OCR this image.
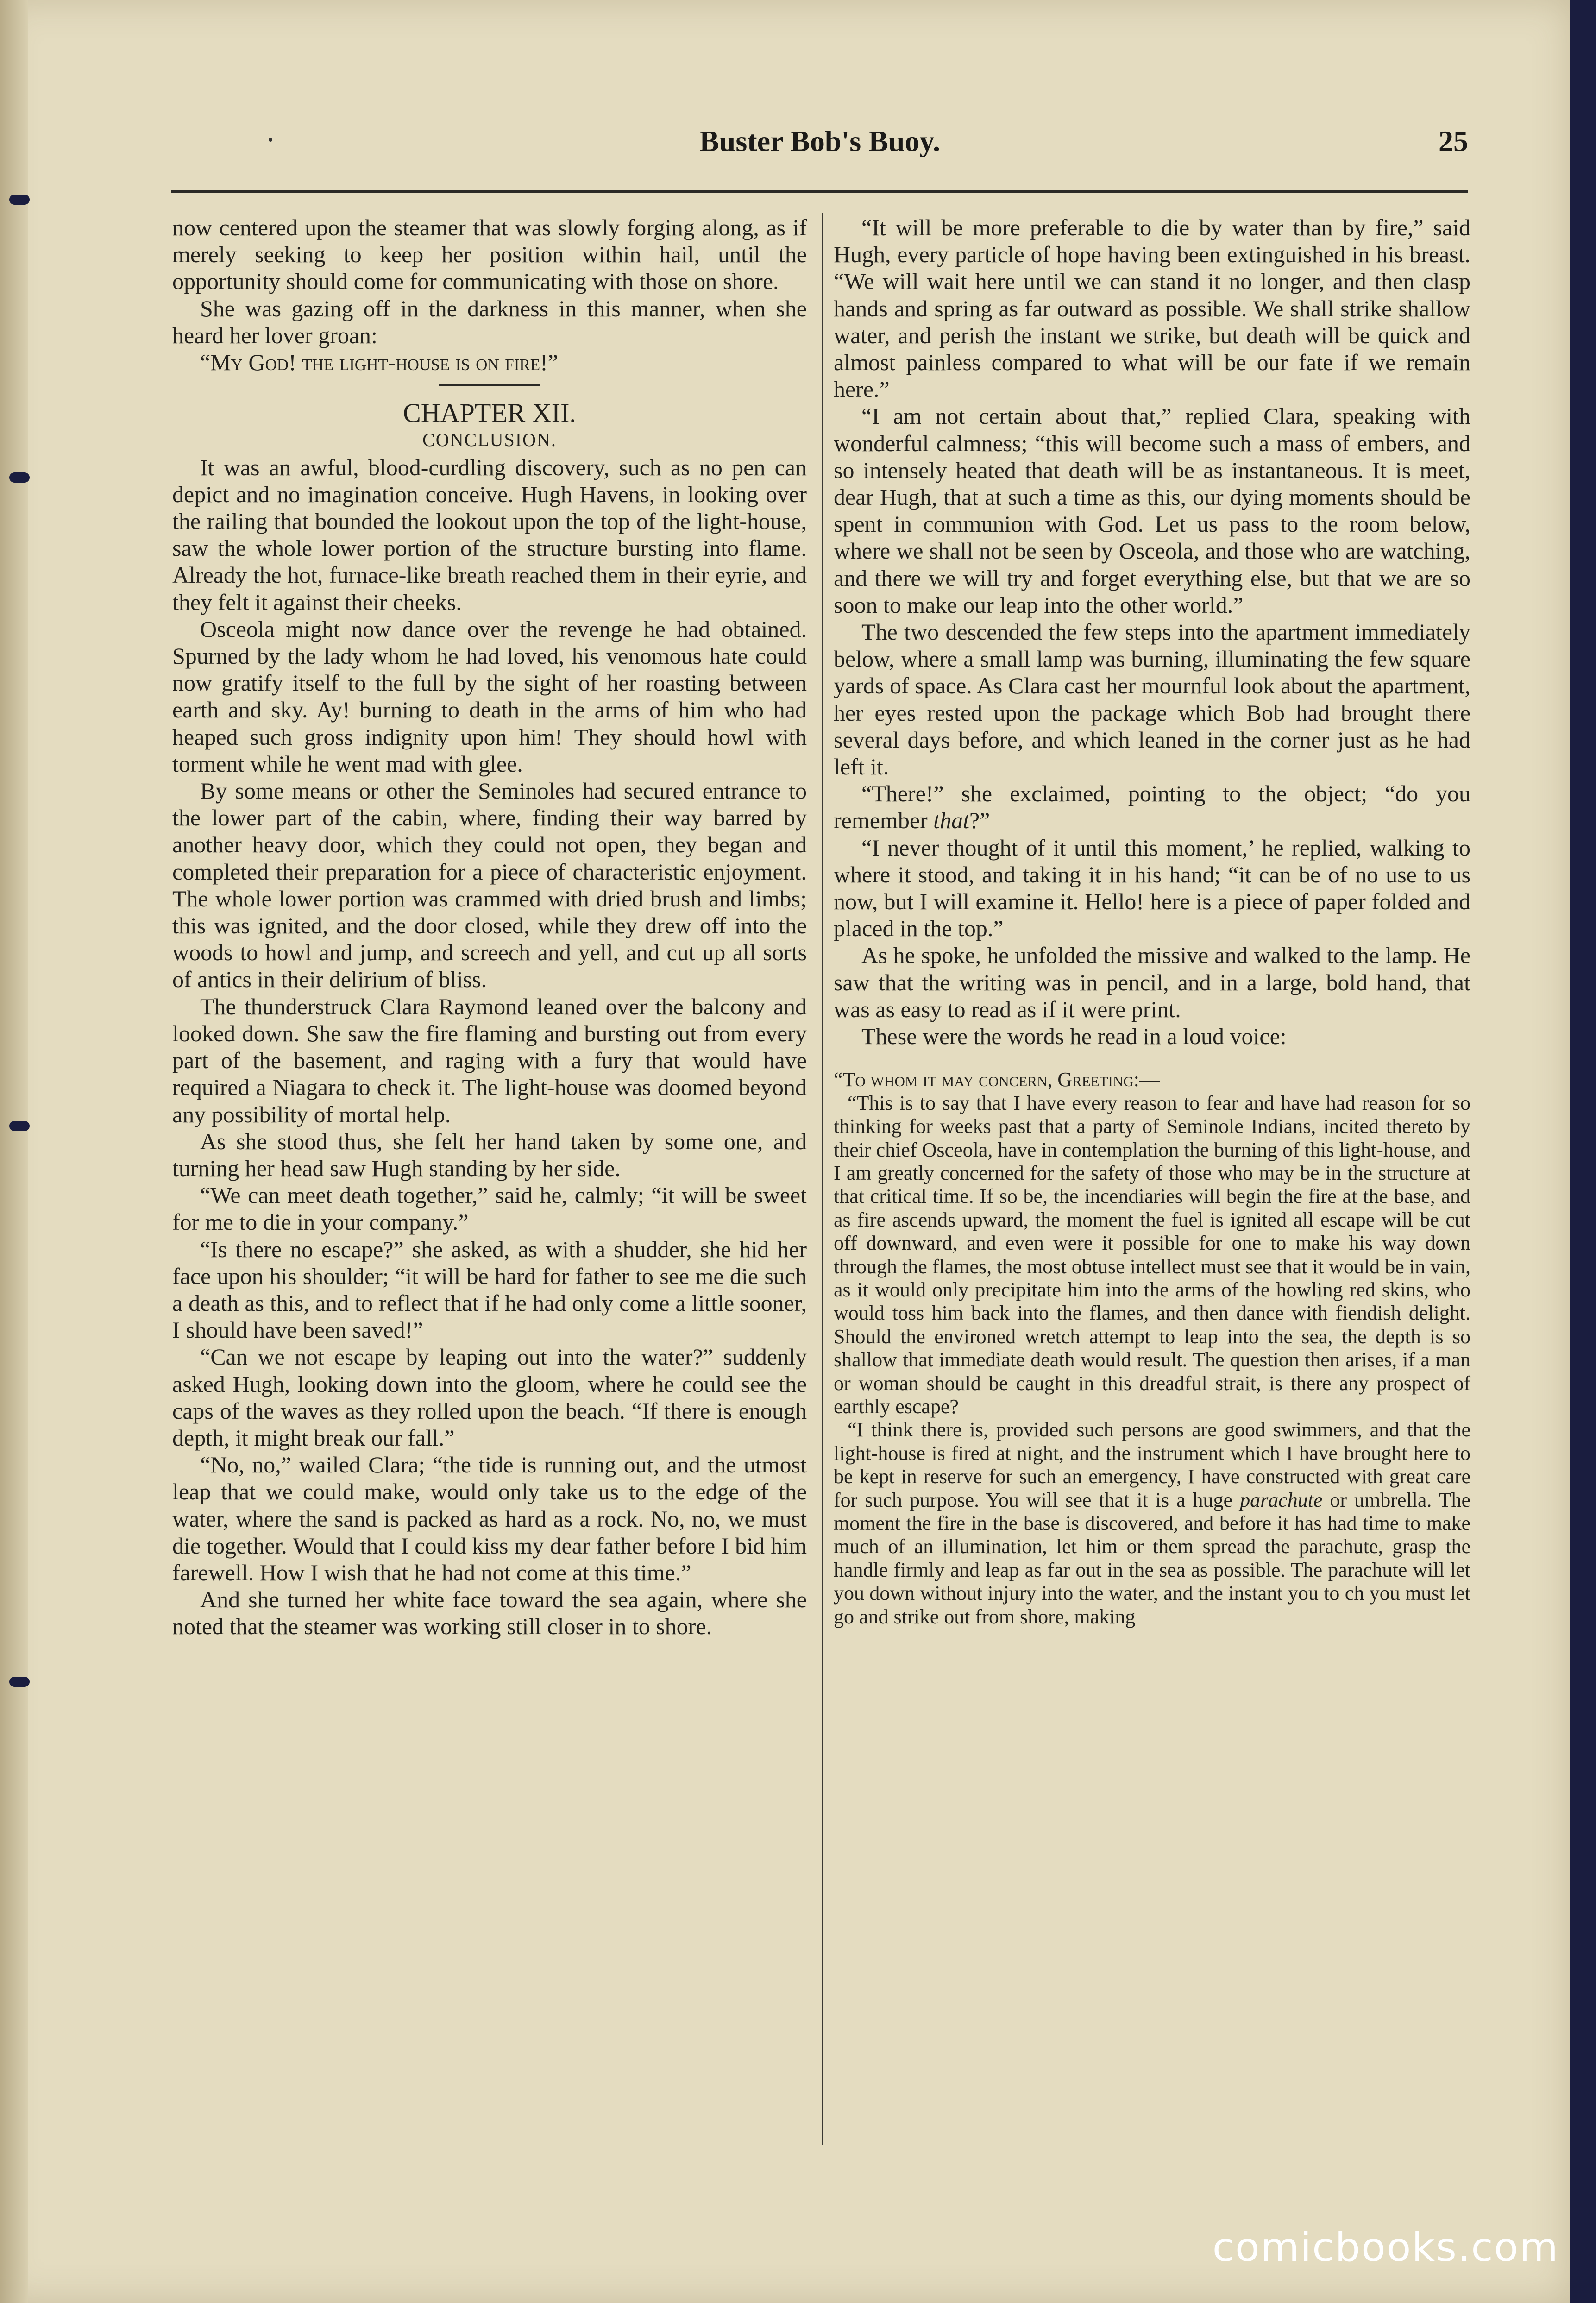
Buster Bob's Buoy.	25

now centered upon the steamer that was slowly forging along, as if merely seeking to keep her position within hail, until the opportunity should come for communicating with those on shore.

She was gazing off in the darkness in this manner, when she heard her lover groan:

“My God! the light-house is on fire!”

CHAPTER XII.
CONCLUSION.

It was an awful, blood-curdling discovery, such as no pen can depict and no imagination conceive. Hugh Havens, in looking over the railing that bounded the lookout upon the top of the light-house, saw the whole lower portion of the structure bursting into flame. Already the hot, furnace-like breath reached them in their eyrie, and they felt it against their cheeks.

Osceola might now dance over the revenge he had obtained. Spurned by the lady whom he had loved, his venomous hate could now gratify itself to the full by the sight of her roasting between earth and sky. Ay! burning to death in the arms of him who had heaped such gross indignity upon him! They should howl with torment while he went mad with glee.

By some means or other the Seminoles had secured entrance to the lower part of the cabin, where, finding their way barred by another heavy door, which they could not open, they began and completed their preparation for a piece of characteristic enjoyment. The whole lower portion was crammed with dried brush and limbs; this was ignited, and the door closed, while they drew off into the woods to howl and jump, and screech and yell, and cut up all sorts of antics in their delirium of bliss.

The thunderstruck Clara Raymond leaned over the balcony and looked down. She saw the fire flaming and bursting out from every part of the basement, and raging with a fury that would have required a Niagara to check it. The light-house was doomed beyond any possibility of mortal help.

As she stood thus, she felt her hand taken by some one, and turning her head saw Hugh standing by her side.

“We can meet death together,” said he, calmly; “it will be sweet for me to die in your company.”

“Is there no escape?” she asked, as with a shudder, she hid her face upon his shoulder; “it will be hard for father to see me die such a death as this, and to reflect that if he had only come a little sooner, I should have been saved!”

“Can we not escape by leaping out into the water?” suddenly asked Hugh, looking down into the gloom, where he could see the caps of the waves as they rolled upon the beach. “If there is enough depth, it might break our fall.”

“No, no,” wailed Clara; “the tide is running out, and the utmost leap that we could make, would only take us to the edge of the water, where the sand is packed as hard as a rock. No, no, we must die together. Would that I could kiss my dear father before I bid him farewell. How I wish that he had not come at this time.”

And she turned her white face toward the sea again, where she noted that the steamer was working still closer in to shore.

“It will be more preferable to die by water than by fire,” said Hugh, every particle of hope having been extinguished in his breast. “We will wait here until we can stand it no longer, and then clasp hands and spring as far outward as possible. We shall strike shallow water, and perish the instant we strike, but death will be quick and almost painless compared to what will be our fate if we remain here.”

“I am not certain about that,” replied Clara, speaking with wonderful calmness; “this will become such a mass of embers, and so intensely heated that death will be as instantaneous. It is meet, dear Hugh, that at such a time as this, our dying moments should be spent in communion with God. Let us pass to the room below, where we shall not be seen by Osceola, and those who are watching, and there we will try and forget everything else, but that we are so soon to make our leap into the other world.”

The two descended the few steps into the apartment immediately below, where a small lamp was burning, illuminating the few square yards of space. As Clara cast her mournful look about the apartment, her eyes rested upon the package which Bob had brought there several days before, and which leaned in the corner just as he had left it.

“There!” she exclaimed, pointing to the object; “do you remember that?”

“I never thought of it until this moment,’ he replied, walking to where it stood, and taking it in his hand; “it can be of no use to us now, but I will examine it. Hello! here is a piece of paper folded and placed in the top.”

As he spoke, he unfolded the missive and walked to the lamp. He saw that the writing was in pencil, and in a large, bold hand, that was as easy to read as if it were print.

These were the words he read in a loud voice:

“To whom it may concern, Greeting:—

“This is to say that I have every reason to fear and have had reason for so thinking for weeks past that a party of Seminole Indians, incited thereto by their chief Osceola, have in contemplation the burning of this light-house, and I am greatly concerned for the safety of those who may be in the structure at that critical time. If so be, the incendiaries will begin the fire at the base, and as fire ascends upward, the moment the fuel is ignited all escape will be cut off downward, and even were it possible for one to make his way down through the flames, the most obtuse intellect must see that it would be in vain, as it would only precipitate him into the arms of the howling red skins, who would toss him back into the flames, and then dance with fiendish delight. Should the environed wretch attempt to leap into the sea, the depth is so shallow that immediate death would result. The question then arises, if a man or woman should be caught in this dreadful strait, is there any prospect of earthly escape?

“I think there is, provided such persons are good swimmers, and that the light-house is fired at night, and the instrument which I have brought here to be kept in reserve for such an emergency, I have constructed with great care for such purpose. You will see that it is a huge parachute or umbrella. The moment the fire in the base is discovered, and before it has had time to make much of an illumination, let him or them spread the parachute, grasp the handle firmly and leap as far out in the sea as possible. The parachute will let you down without injury into the water, and the instant you to ch you must let go and strike out from shore, making

comicbooks.com
